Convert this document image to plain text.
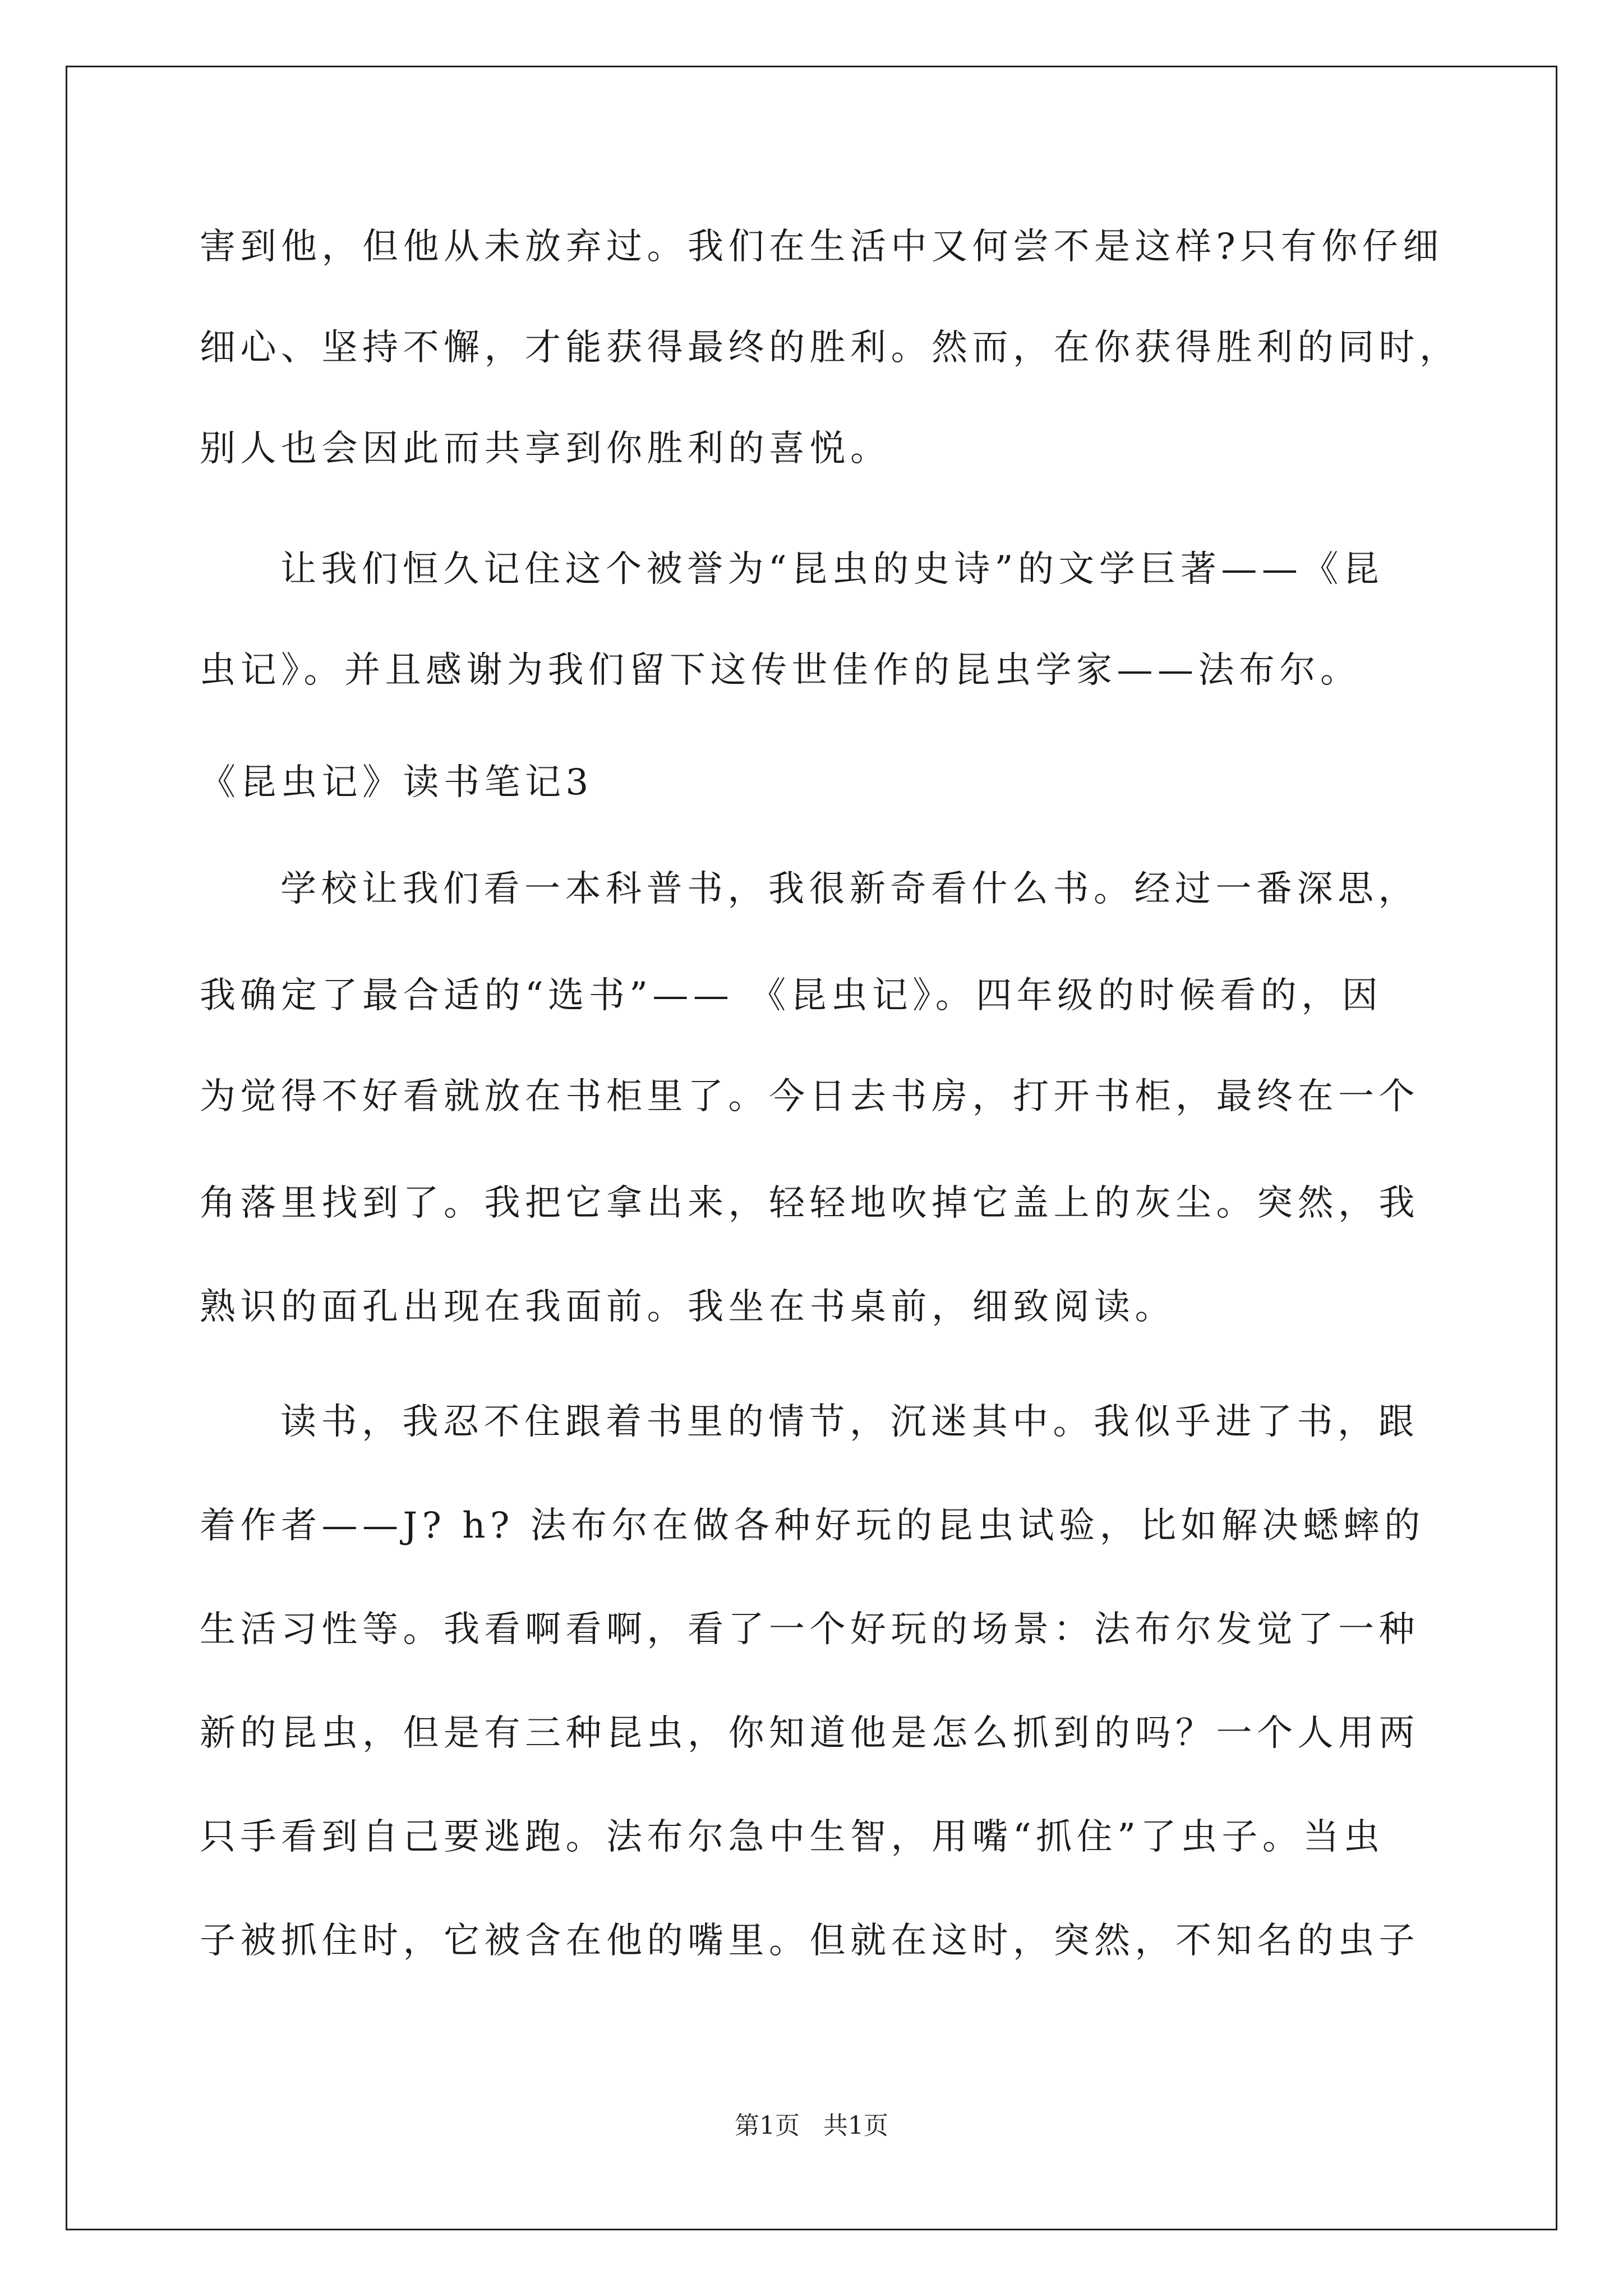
害到他，但他从未放弃过。我们在生活中又何尝不是这样?只有你仔细
细心、坚持不懈，才能获得最终的胜利。然而，在你获得胜利的同时，
别人也会因此而共享到你胜利的喜悦。
让我们恒久记住这个被誉为“昆虫的史诗”的文学巨著——《昆
虫记》。并且感谢为我们留下这传世佳作的昆虫学家——法布尔。
《昆虫记》读书笔记3
学校让我们看一本科普书，我很新奇看什么书。经过一番深思，
我确定了最合适的“选书”—— 《昆虫记》。四年级的时候看的，因
为觉得不好看就放在书柜里了。今日去书房，打开书柜，最终在一个
角落里找到了。我把它拿出来，轻轻地吹掉它盖上的灰尘。突然，我
熟识的面孔出现在我面前。我坐在书桌前，细致阅读。
读书，我忍不住跟着书里的情节，沉迷其中。我似乎进了书，跟
着作者——J? h? 法布尔在做各种好玩的昆虫试验，比如解决蟋蟀的
生活习性等。我看啊看啊，看了一个好玩的场景：法布尔发觉了一种
新的昆虫，但是有三种昆虫，你知道他是怎么抓到的吗？一个人用两
只手看到自己要逃跑。法布尔急中生智，用嘴“抓住”了虫子。当虫
子被抓住时，它被含在他的嘴里。但就在这时，突然，不知名的虫子
第1页   共1页
